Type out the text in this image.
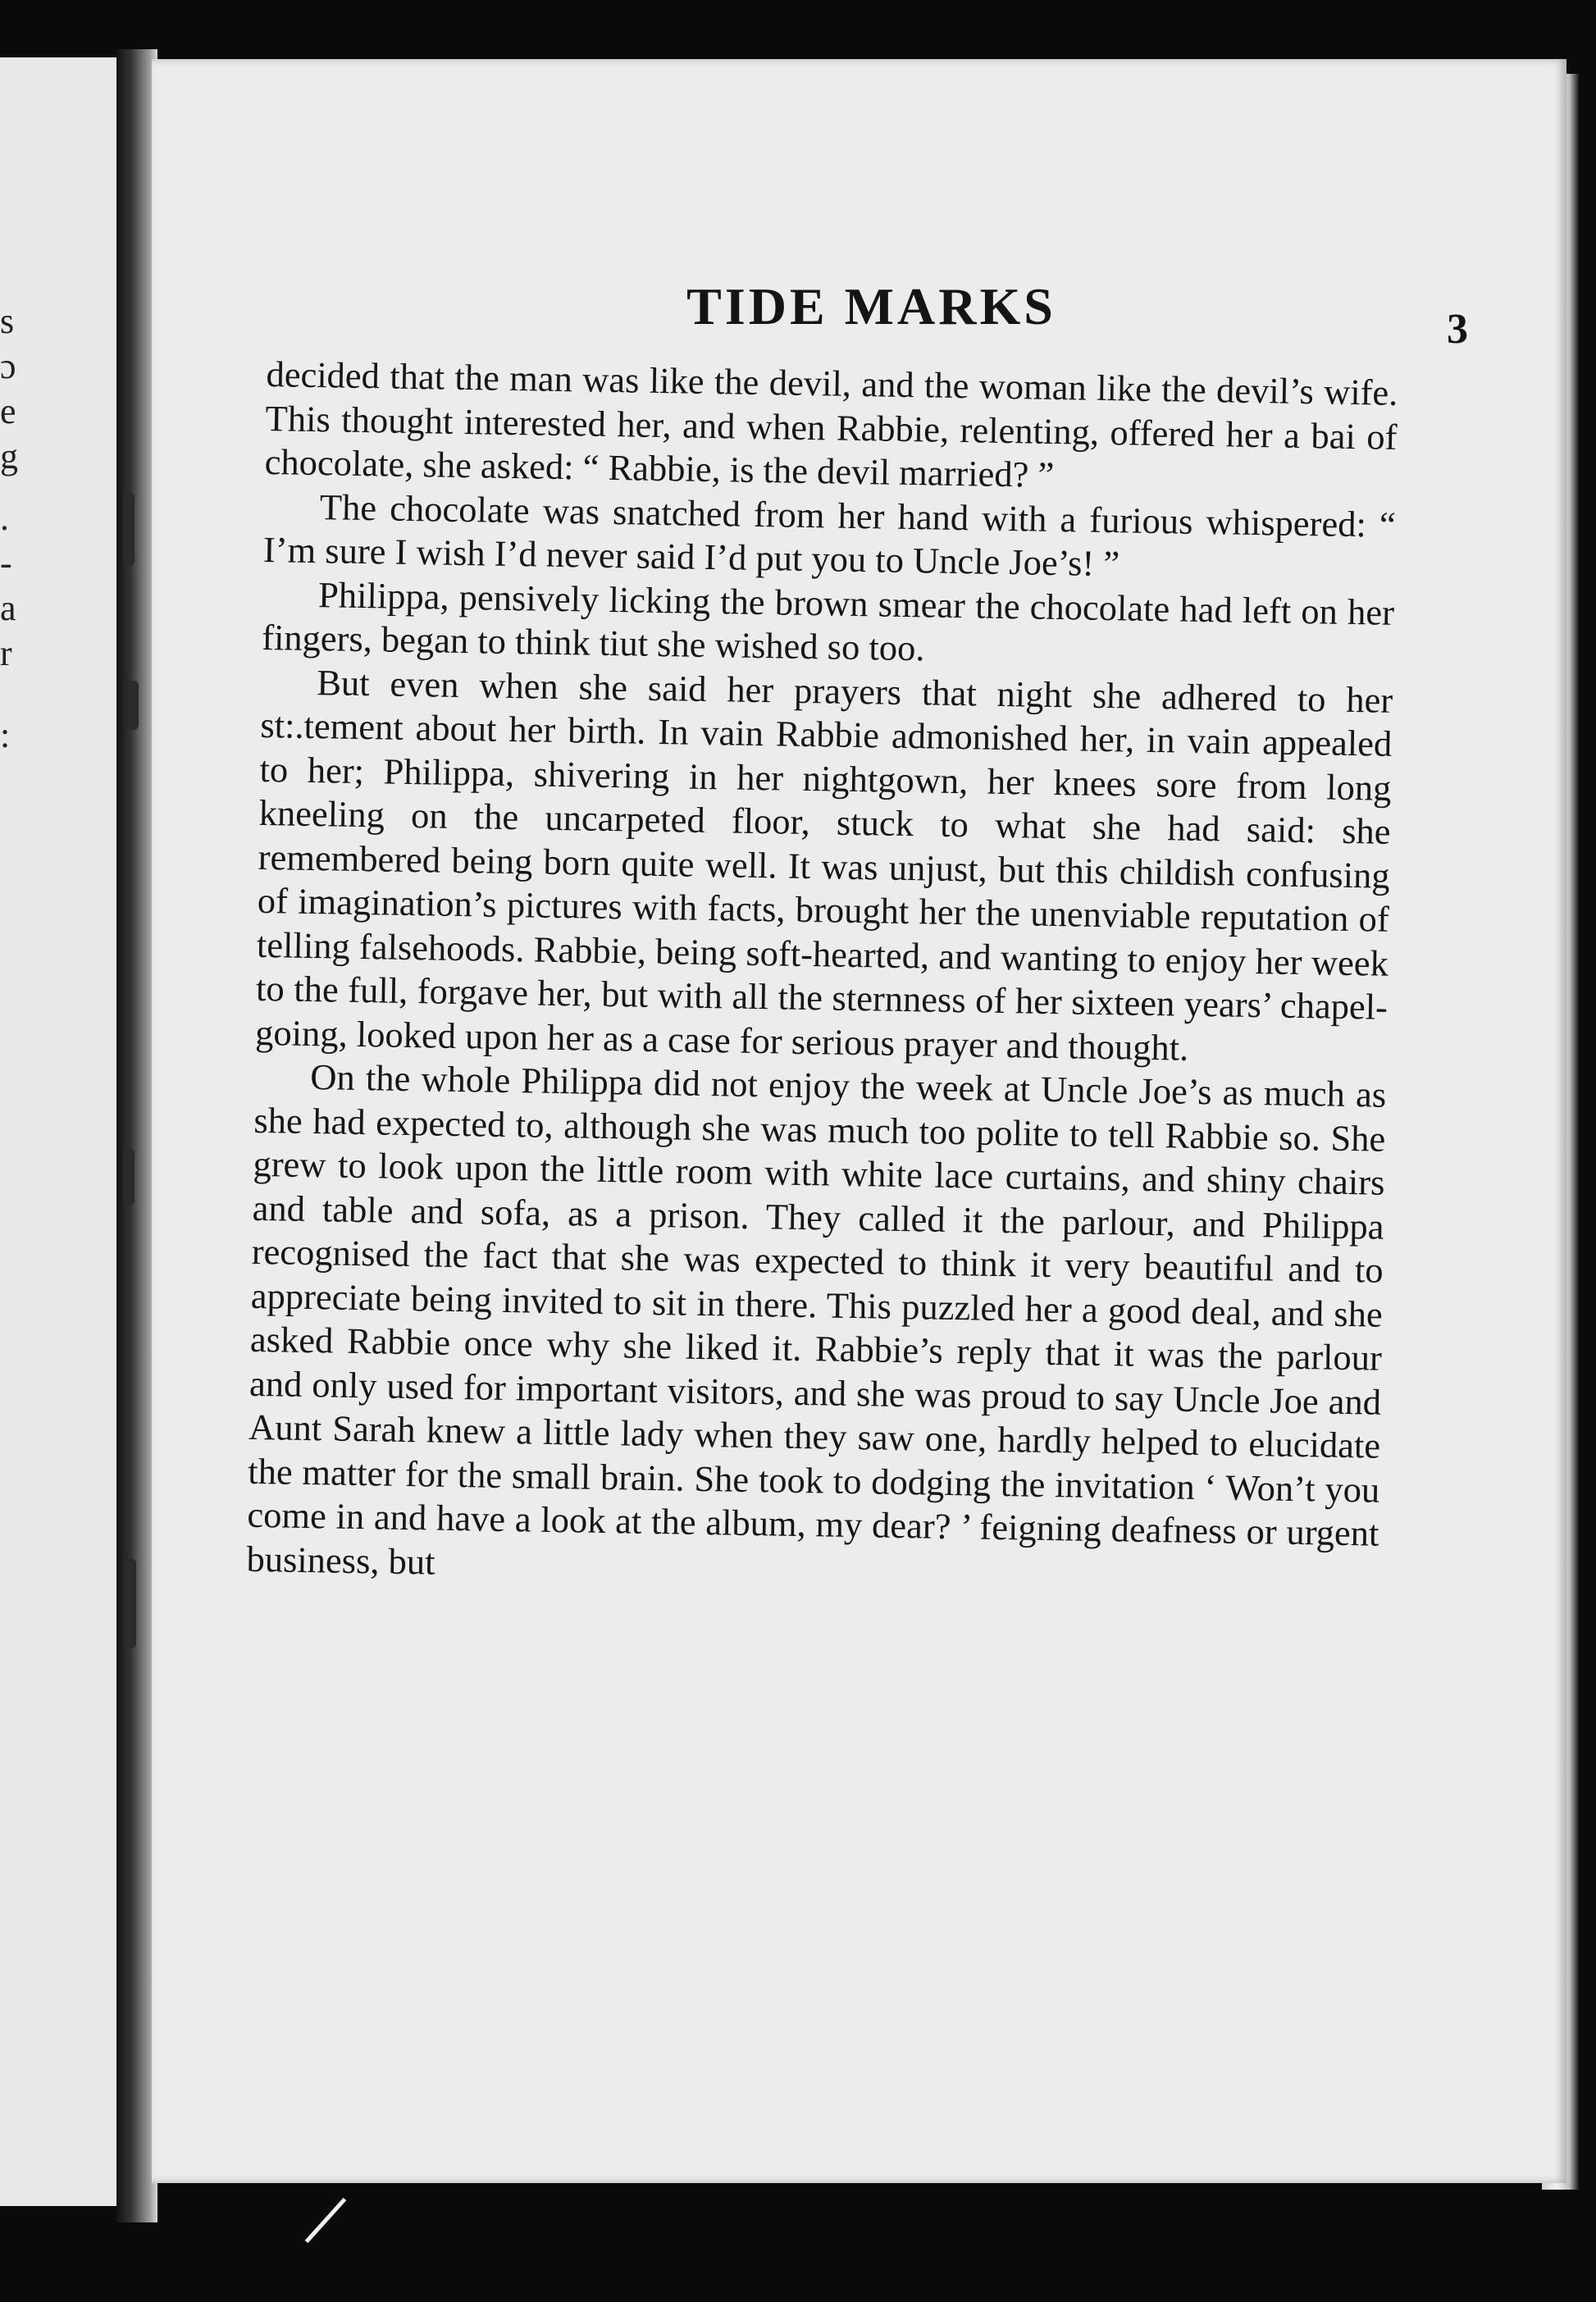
s
ɔ
e
g
.
-
a
r
:
TIDE MARKS	3

decided that the man was like the devil, and the woman like the devil’s wife. This thought interested her, and when Rabbie, relenting, offered her a bai of chocolate, she asked: “ Rabbie, is the devil married? ”

The chocolate was snatched from her hand with a furious whispered: “ I’m sure I wish I’d never said I’d put you to Uncle Joe’s! ”

Philippa, pensively licking the brown smear the chocolate had left on her fingers, began to think tiut she wished so too.

But even when she said her prayers that night she adhered to her st:.tement about her birth. In vain Rabbie admonished her, in vain appealed to her; Philippa, shivering in her nightgown, her knees sore from long kneeling on the uncarpeted floor, stuck to what she had said: she remembered being born quite well. It was unjust, but this childish confusing of imagination’s pictures with facts, brought her the unenviable reputation of telling falsehoods. Rabbie, being soft-hearted, and wanting to enjoy her week to the full, forgave her, but with all the sternness of her sixteen years’ chapel-going, looked upon her as a case for serious prayer and thought.

On the whole Philippa did not enjoy the week at Uncle Joe’s as much as she had expected to, although she was much too polite to tell Rabbie so. She grew to look upon the little room with white lace curtains, and shiny chairs and table and sofa, as a prison. They called it the parlour, and Philippa recognised the fact that she was expected to think it very beautiful and to appreciate being invited to sit in there. This puzzled her a good deal, and she asked Rabbie once why she liked it. Rabbie’s reply that it was the parlour and only used for important visitors, and she was proud to say Uncle Joe and Aunt Sarah knew a little lady when they saw one, hardly helped to elucidate the matter for the small brain. She took to dodging the invitation ‘ Won’t you come in and have a look at the album, my dear? ’ feigning deafness or urgent business, but
